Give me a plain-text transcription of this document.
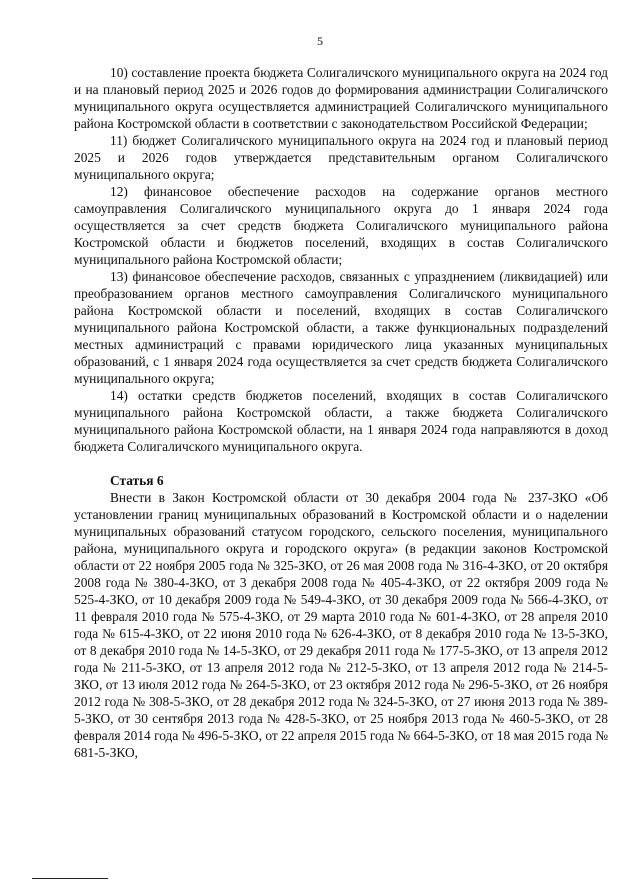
5

10) составление проекта бюджета Солигаличского муниципального округа на 2024 год и на плановый период 2025 и 2026 годов до формирования администрации Солигаличского муниципального округа осуществляется администрацией Солигаличского муниципального района Костромской области в соответствии с законодательством Российской Федерации;

11) бюджет Солигаличского муниципального округа на 2024 год и плановый период 2025 и 2026 годов утверждается представительным органом Солигаличского муниципального округа;

12) финансовое обеспечение расходов на содержание органов местного самоуправления Солигаличского муниципального округа до 1 января 2024 года осуществляется за счет средств бюджета Солигаличского муниципального района Костромской области и бюджетов поселений, входящих в состав Солигаличского муниципального района Костромской области;

13) финансовое обеспечение расходов, связанных с упразднением (ликвидацией) или преобразованием органов местного самоуправления Солигаличского муниципального района Костромской области и поселений, входящих в состав Солигаличского муниципального района Костромской области, а также функциональных подразделений местных администраций с правами юридического лица указанных муниципальных образований, с 1 января 2024 года осуществляется за счет средств бюджета Солигаличского муниципального округа;

14) остатки средств бюджетов поселений, входящих в состав Солигаличского муниципального района Костромской области, а также бюджета Солигаличского муниципального района Костромской области, на 1 января 2024 года направляются в доход бюджета Солигаличского муниципального округа.

Статья 6

Внести в Закон Костромской области от 30 декабря 2004 года № 237-ЗКО «Об установлении границ муниципальных образований в Костромской области и о наделении муниципальных образований статусом городского, сельского поселения, муниципального района, муниципального округа и городского округа» (в редакции законов Костромской области от 22 ноября 2005 года № 325-ЗКО, от 26 мая 2008 года № 316-4-ЗКО, от 20 октября 2008 года № 380-4-ЗКО, от 3 декабря 2008 года № 405-4-ЗКО, от 22 октября 2009 года № 525-4-ЗКО, от 10 декабря 2009 года № 549-4-ЗКО, от 30 декабря 2009 года № 566-4-ЗКО, от 11 февраля 2010 года № 575-4-ЗКО, от 29 марта 2010 года № 601-4-ЗКО, от 28 апреля 2010 года № 615-4-ЗКО, от 22 июня 2010 года № 626-4-ЗКО, от 8 декабря 2010 года № 13-5-ЗКО, от 8 декабря 2010 года № 14-5-ЗКО, от 29 декабря 2011 года № 177-5-ЗКО, от 13 апреля 2012 года № 211-5-ЗКО, от 13 апреля 2012 года № 212-5-ЗКО, от 13 апреля 2012 года № 214-5-ЗКО, от 13 июля 2012 года № 264-5-ЗКО, от 23 октября 2012 года № 296-5-ЗКО, от 26 ноября 2012 года № 308-5-ЗКО, от 28 декабря 2012 года № 324-5-ЗКО, от 27 июня 2013 года № 389-5-ЗКО, от 30 сентября 2013 года № 428-5-ЗКО, от 25 ноября 2013 года № 460-5-ЗКО, от 28 февраля 2014 года № 496-5-ЗКО, от 22 апреля 2015 года № 664-5-ЗКО, от 18 мая 2015 года № 681-5-ЗКО,
